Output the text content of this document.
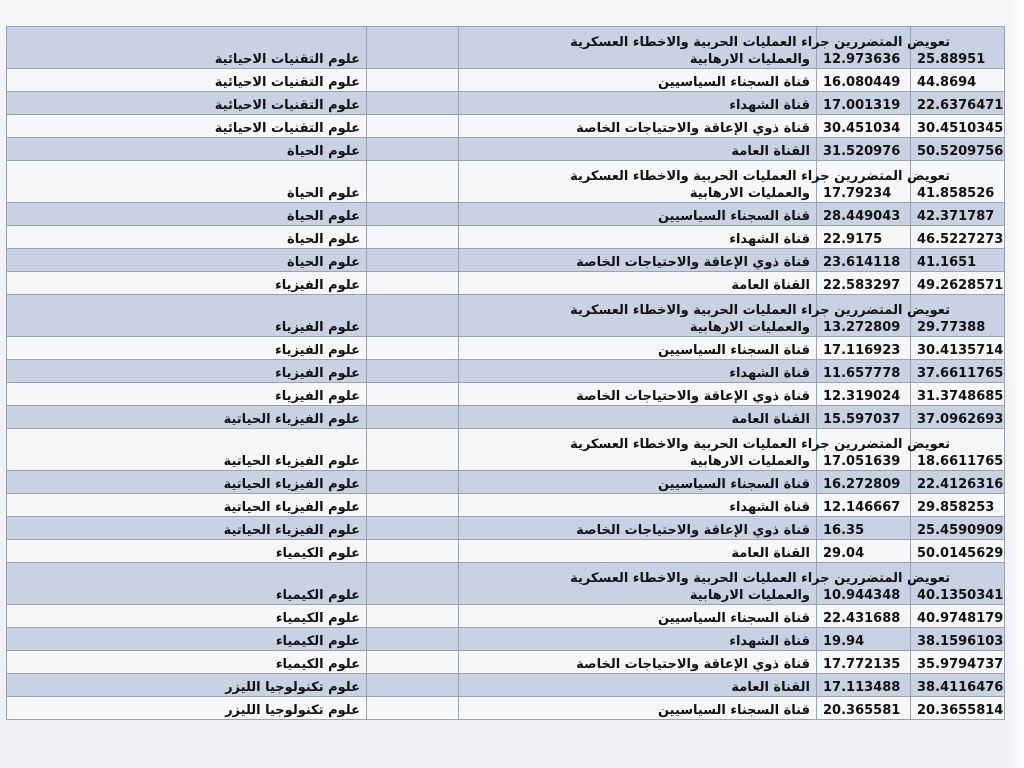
علوم التقنيات الاحيائية		تعويض المتضررين جراء العمليات الحربية والاخطاء العسكرية
والعمليات الارهابية	12.973636	25.88951
علوم التقنيات الاحيائية		قناة السجناء السياسيين	16.080449	44.8694
علوم التقنيات الاحيائية		قناة الشهداء	17.001319	22.6376471
علوم التقنيات الاحيائية		قناة ذوي الإعاقة والاحتياجات الخاصة	30.451034	30.4510345
علوم الحياة		القناة العامة	31.520976	50.5209756
علوم الحياة		تعويض المتضررين جراء العمليات الحربية والاخطاء العسكرية
والعمليات الارهابية	17.79234	41.858526
علوم الحياة		قناة السجناء السياسيين	28.449043	42.371787
علوم الحياة		قناة الشهداء	22.9175	46.5227273
علوم الحياة		قناة ذوي الإعاقة والاحتياجات الخاصة	23.614118	41.1651
علوم الفيزياء		القناة العامة	22.583297	49.2628571
علوم الفيزياء		تعويض المتضررين جراء العمليات الحربية والاخطاء العسكرية
والعمليات الارهابية	13.272809	29.77388
علوم الفيزياء		قناة السجناء السياسيين	17.116923	30.4135714
علوم الفيزياء		قناة الشهداء	11.657778	37.6611765
علوم الفيزياء		قناة ذوي الإعاقة والاحتياجات الخاصة	12.319024	31.3748685
علوم الفيزياء الحياتية		القناة العامة	15.597037	37.0962693
علوم الفيزياء الحياتية		تعويض المتضررين جراء العمليات الحربية والاخطاء العسكرية
والعمليات الارهابية	17.051639	18.6611765
علوم الفيزياء الحياتية		قناة السجناء السياسيين	16.272809	22.4126316
علوم الفيزياء الحياتية		قناة الشهداء	12.146667	29.858253
علوم الفيزياء الحياتية		قناة ذوي الإعاقة والاحتياجات الخاصة	16.35	25.4590909
علوم الكيمياء		القناة العامة	29.04	50.0145629
علوم الكيمياء		تعويض المتضررين جراء العمليات الحربية والاخطاء العسكرية
والعمليات الارهابية	10.944348	40.1350341
علوم الكيمياء		قناة السجناء السياسيين	22.431688	40.9748179
علوم الكيمياء		قناة الشهداء	19.94	38.1596103
علوم الكيمياء		قناة ذوي الإعاقة والاحتياجات الخاصة	17.772135	35.9794737
علوم تكنولوجيا الليزر		القناة العامة	17.113488	38.4116476
علوم تكنولوجيا الليزر		قناة السجناء السياسيين	20.365581	20.3655814
